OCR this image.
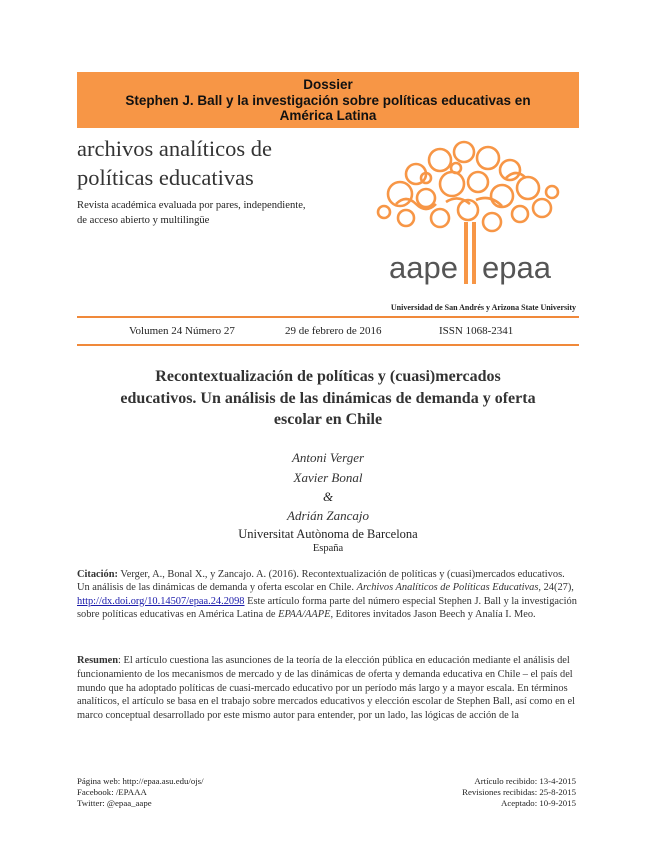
Dossier
Stephen J. Ball y la investigación sobre políticas educativas en
América Latina
archivos analíticos de
políticas educativas
Revista académica evaluada por pares, independiente,
de acceso abierto y multilingüe
aape epaa
Universidad de San Andrés y Arizona State University
Volumen 24 Número 27	29 de febrero de 2016	ISSN 1068-2341
Recontextualización de políticas y (cuasi)mercados
educativos. Un análisis de las dinámicas de demanda y oferta
escolar en Chile
Antoni Verger
Xavier Bonal
&
Adrián Zancajo
Universitat Autònoma de Barcelona
España
Citación: Verger, A., Bonal X., y Zancajo. A. (2016). Recontextualización de políticas y (cuasi)mercados educativos. Un análisis de las dinámicas de demanda y oferta escolar en Chile. Archivos Analíticos de Políticas Educativas, 24(27), http://dx.doi.org/10.14507/epaa.24.2098 Este artículo forma parte del número especial Stephen J. Ball y la investigación sobre políticas educativas en América Latina de EPAA/AAPE, Editores invitados Jason Beech y Analía I. Meo.
Resumen: El artículo cuestiona las asunciones de la teoría de la elección pública en educación mediante el análisis del funcionamiento de los mecanismos de mercado y de las dinámicas de oferta y demanda educativa en Chile – el país del mundo que ha adoptado políticas de cuasi-mercado educativo por un período más largo y a mayor escala. En términos analíticos, el artículo se basa en el trabajo sobre mercados educativos y elección escolar de Stephen Ball, así como en el marco conceptual desarrollado por este mismo autor para entender, por un lado, las lógicas de acción de la
Página web: http://epaa.asu.edu/ojs/
Facebook: /EPAAA
Twitter: @epaa_aape
Artículo recibido: 13-4-2015
Revisiones recibidas: 25-8-2015
Aceptado: 10-9-2015
